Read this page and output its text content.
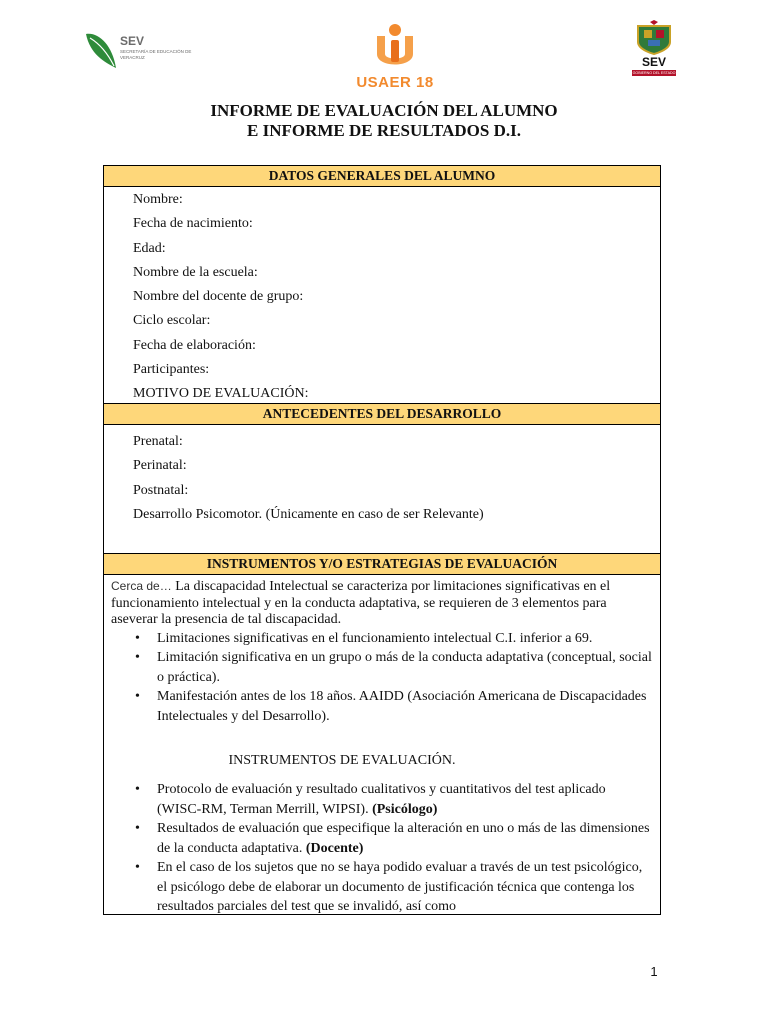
SEV
SECRETARÍA DE EDUCACIÓN DE VERACRUZ
USAER 18
SEV
GOBIERNO DEL ESTADO
INFORME DE EVALUACIÓN DEL ALUMNO
E INFORME DE RESULTADOS D.I.
DATOS GENERALES DEL ALUMNO
Nombre:
Fecha de nacimiento:
Edad:
Nombre de la escuela:
Nombre del docente de grupo:
Ciclo escolar:
Fecha de elaboración:
Participantes:
MOTIVO DE EVALUACIÓN:
ANTECEDENTES DEL DESARROLLO
Prenatal:
Perinatal:
Postnatal:
Desarrollo Psicomotor. (Únicamente en caso de ser Relevante)
INSTRUMENTOS Y/O ESTRATEGIAS DE EVALUACIÓN
Cerca de… La discapacidad Intelectual se caracteriza por limitaciones significativas en el funcionamiento intelectual y en la conducta adaptativa, se requieren de 3 elementos para aseverar la presencia de tal discapacidad.
• Limitaciones significativas en el funcionamiento intelectual C.I. inferior a 69.
• Limitación significativa en un grupo o más de la conducta adaptativa (conceptual, social o práctica).
• Manifestación antes de los 18 años. AAIDD (Asociación Americana de Discapacidades Intelectuales y del Desarrollo).
INSTRUMENTOS DE EVALUACIÓN.
• Protocolo de evaluación y resultado cualitativos y cuantitativos del test aplicado (WISC-RM, Terman Merrill, WIPSI). (Psicólogo)
• Resultados de evaluación que especifique la alteración en uno o más de las dimensiones de la conducta adaptativa. (Docente)
• En el caso de los sujetos que no se haya podido evaluar a través de un test psicológico, el psicólogo debe de elaborar un documento de justificación técnica que contenga los resultados parciales del test que se invalidó, así como
1
